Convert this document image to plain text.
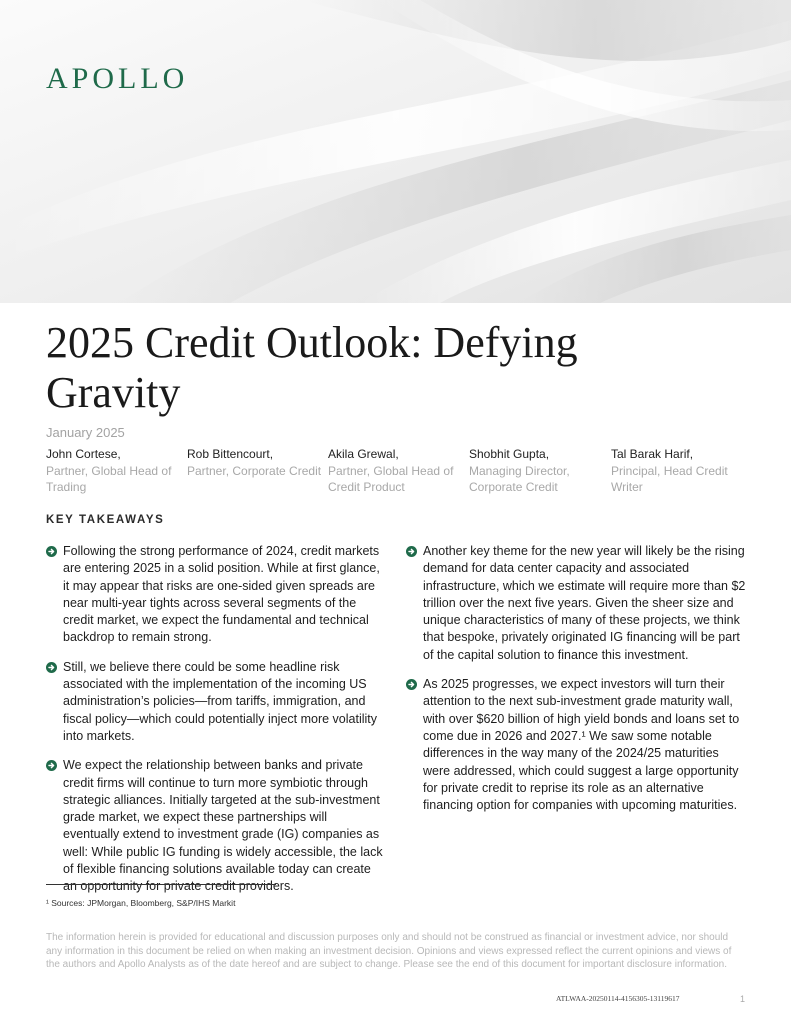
APOLLO
2025 Credit Outlook: Defying Gravity
January 2025
John Cortese,
Partner, Global Head of Trading
Rob Bittencourt,
Partner, Corporate Credit
Akila Grewal,
Partner, Global Head of Credit Product
Shobhit Gupta,
Managing Director, Corporate Credit
Tal Barak Harif,
Principal, Head Credit Writer
KEY TAKEAWAYS
Following the strong performance of 2024, credit markets are entering 2025 in a solid position. While at first glance, it may appear that risks are one-sided given spreads are near multi-year tights across several segments of the credit market, we expect the fundamental and technical backdrop to remain strong.
Still, we believe there could be some headline risk associated with the implementation of the incoming US administration’s policies—from tariffs, immigration, and fiscal policy—which could potentially inject more volatility into markets.
We expect the relationship between banks and private credit firms will continue to turn more symbiotic through strategic alliances. Initially targeted at the sub-investment grade market, we expect these partnerships will eventually extend to investment grade (IG) companies as well: While public IG funding is widely accessible, the lack of flexible financing solutions available today can create an opportunity for private credit providers.
Another key theme for the new year will likely be the rising demand for data center capacity and associated infrastructure, which we estimate will require more than $2 trillion over the next five years. Given the sheer size and unique characteristics of many of these projects, we think that bespoke, privately originated IG financing will be part of the capital solution to finance this investment.
As 2025 progresses, we expect investors will turn their attention to the next sub-investment grade maturity wall, with over $620 billion of high yield bonds and loans set to come due in 2026 and 2027.¹ We saw some notable differences in the way many of the 2024/25 maturities were addressed, which could suggest a large opportunity for private credit to reprise its role as an alternative financing option for companies with upcoming maturities.
¹ Sources: JPMorgan, Bloomberg, S&P/IHS Markit

The information herein is provided for educational and discussion purposes only and should not be construed as financial or investment advice, nor should any information in this document be relied on when making an investment decision. Opinions and views expressed reflect the current opinions and views of the authors and Apollo Analysts as of the date hereof and are subject to change. Please see the end of this document for important disclosure information.

ATLWAA-20250114-4156305-13119617	1
